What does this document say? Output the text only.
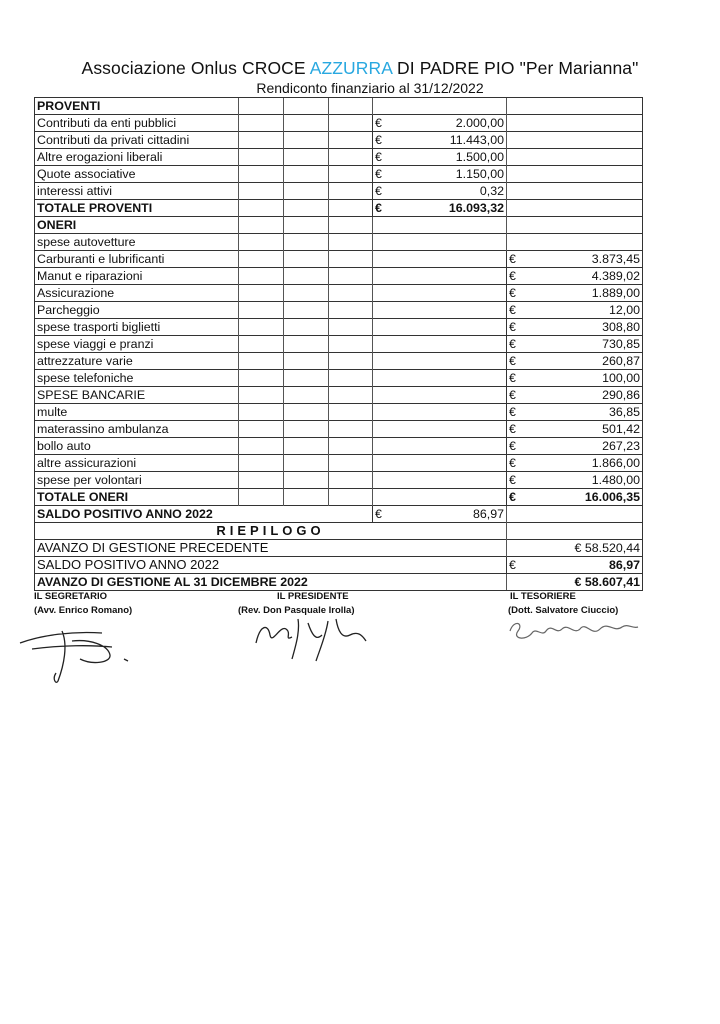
Associazione Onlus CROCE AZZURRA DI PADRE PIO "Per Marianna"
Rendiconto finanziario al 31/12/2022
PROVENTI							
Contributi da enti pubblici				€	2.000,00		
Contributi da privati cittadini				€	11.443,00		
Altre erogazioni liberali				€	1.500,00		
Quote associative				€	1.150,00		
interessi attivi				€	0,32		
TOTALE PROVENTI				€	16.093,32		
ONERI							
spese autovetture							
Carburanti e lubrificanti						€	3.873,45
Manut e riparazioni						€	4.389,02
Assicurazione						€	1.889,00
Parcheggio						€	12,00
spese trasporti biglietti						€	308,80
spese viaggi e pranzi						€	730,85
attrezzature varie						€	260,87
spese telefoniche						€	100,00
SPESE BANCARIE						€	290,86
multe						€	36,85
materassino ambulanza						€	501,42
bollo auto						€	267,23
altre assicurazioni						€	1.866,00
spese per volontari						€	1.480,00
TOTALE ONERI						€	16.006,35
SALDO POSITIVO ANNO 2022				€	86,97		
RIEPILOGO							
AVANZO DI GESTIONE PRECEDENTE						€ 58.520,44	
SALDO POSITIVO ANNO 2022						€	86,97
AVANZO DI GESTIONE AL 31 DICEMBRE 2022						€ 58.607,41	
IL SEGRETARIO
(Avv. Enrico Romano)
IL PRESIDENTE
(Rev. Don Pasquale Irolla)
IL TESORIERE
(Dott. Salvatore Ciuccio)
